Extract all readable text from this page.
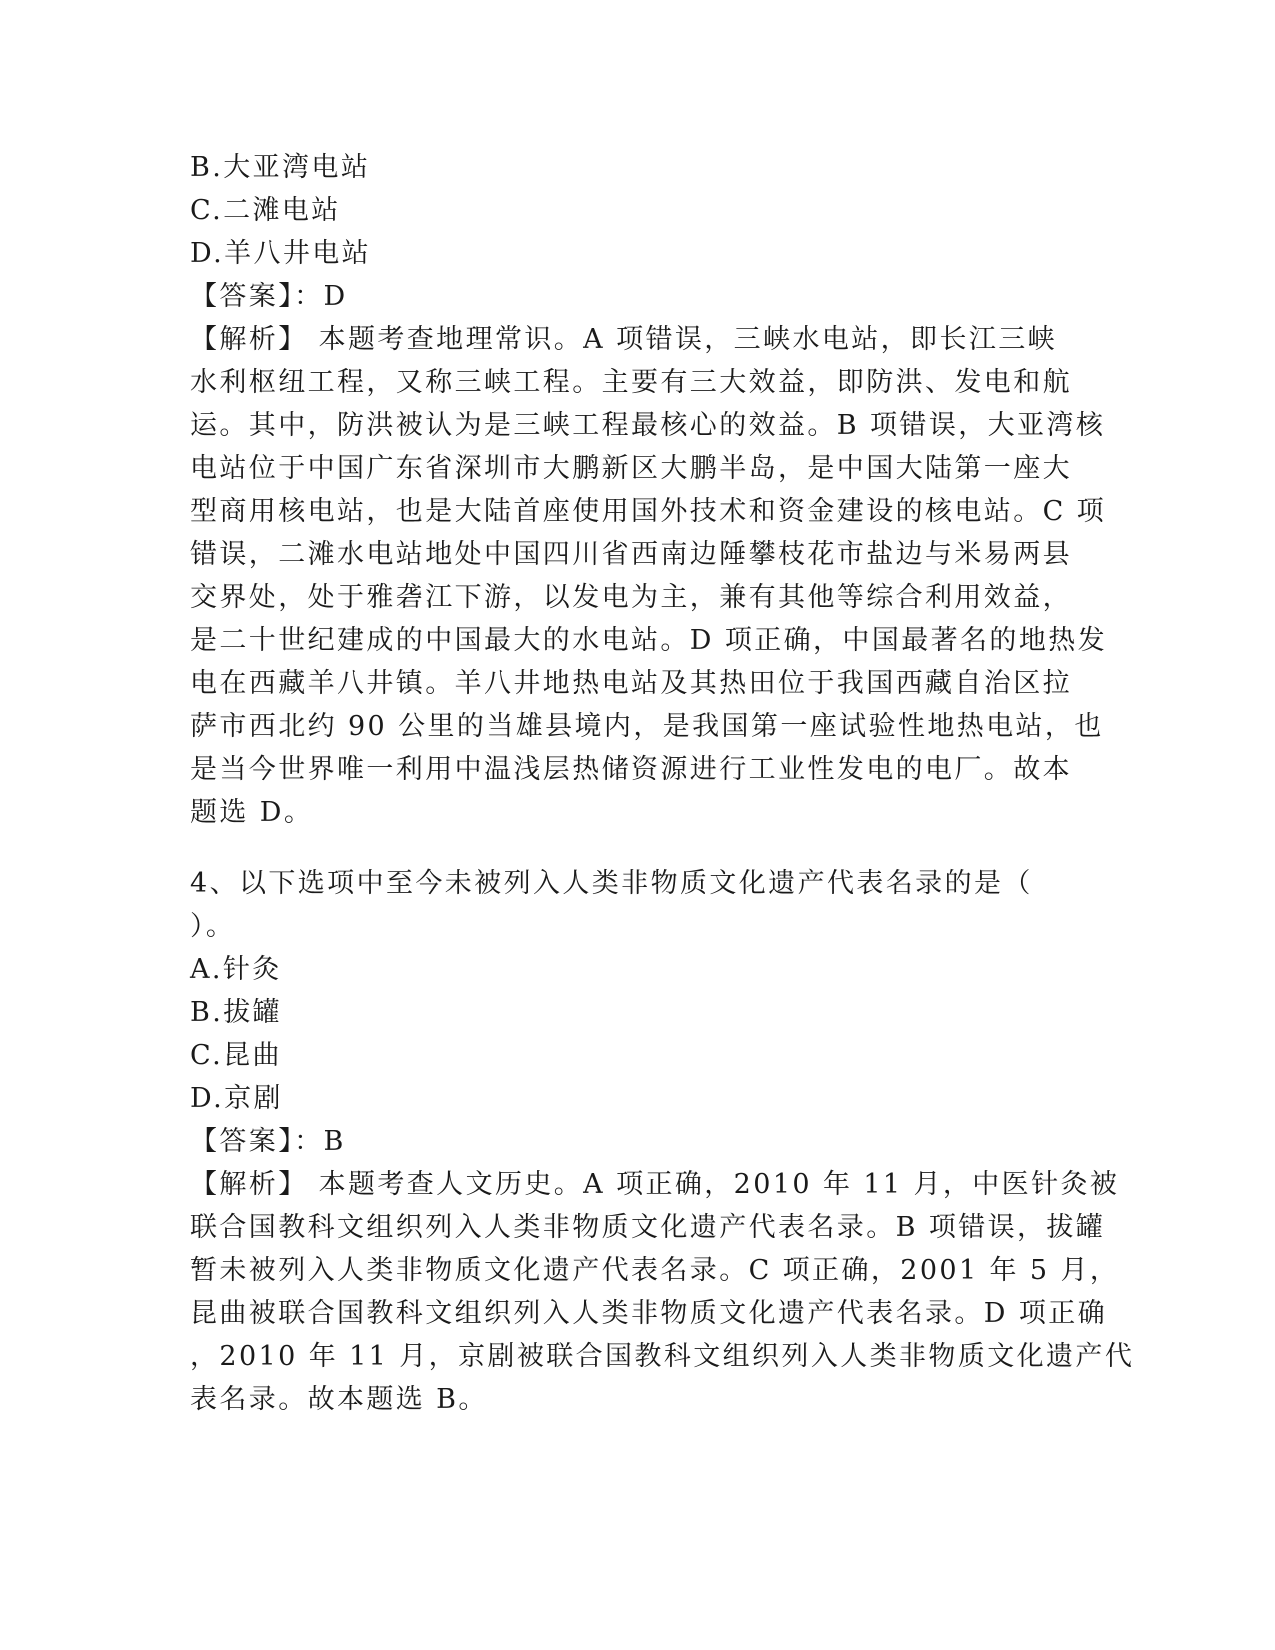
B.大亚湾电站
C.二滩电站
D.羊八井电站
【答案】：D
【解析】 本题考查地理常识。A 项错误，三峡水电站，即长江三峡
水利枢纽工程，又称三峡工程。主要有三大效益，即防洪、发电和航
运。其中，防洪被认为是三峡工程最核心的效益。B 项错误，大亚湾核
电站位于中国广东省深圳市大鹏新区大鹏半岛，是中国大陆第一座大
型商用核电站，也是大陆首座使用国外技术和资金建设的核电站。C 项
错误，二滩水电站地处中国四川省西南边陲攀枝花市盐边与米易两县
交界处，处于雅砻江下游，以发电为主，兼有其他等综合利用效益，
是二十世纪建成的中国最大的水电站。D 项正确，中国最著名的地热发
电在西藏羊八井镇。羊八井地热电站及其热田位于我国西藏自治区拉
萨市西北约 90 公里的当雄县境内，是我国第一座试验性地热电站，也
是当今世界唯一利用中温浅层热储资源进行工业性发电的电厂。故本
题选 D。
4、以下选项中至今未被列入人类非物质文化遗产代表名录的是（
）。
A.针灸
B.拔罐
C.昆曲
D.京剧
【答案】：B
【解析】 本题考查人文历史。A 项正确，2010 年 11 月，中医针灸被
联合国教科文组织列入人类非物质文化遗产代表名录。B 项错误，拔罐
暂未被列入人类非物质文化遗产代表名录。C 项正确，2001 年 5 月，
昆曲被联合国教科文组织列入人类非物质文化遗产代表名录。D 项正确
，2010 年 11 月，京剧被联合国教科文组织列入人类非物质文化遗产代
表名录。故本题选 B。
